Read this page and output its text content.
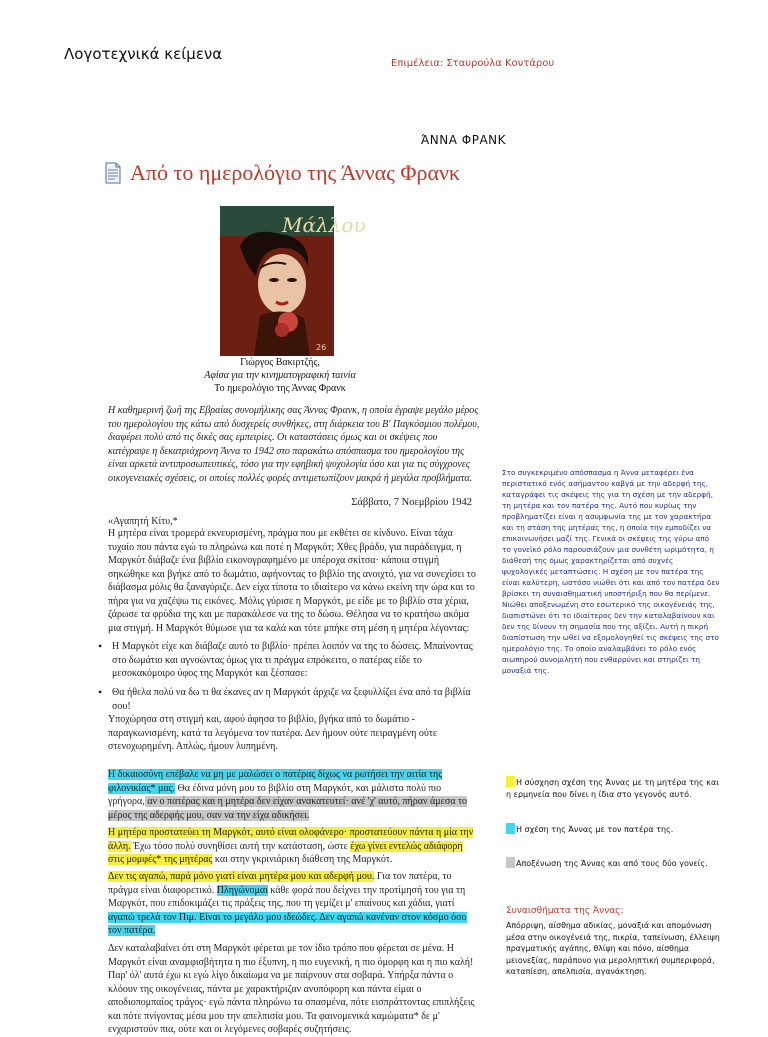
Λογοτεχνικά κείμενα
Επιμέλεια: Σταυρούλα Κοντάρου
ΆΝΝΑ ΦΡΑΝΚ
Από το ημερολόγιο της Άννας Φρανκ
Μάλλου
26
Γιώργος Βακιρτζής,
Αφίσα για την κινηματογραφική ταινία
Το ημερολόγιο της Άννας Φρανκ
Η καθημερινή ζωή της Εβραίας συνομήλικης σας Άννας Φρανκ, η οποία έγραψε μεγάλο μέρος του ημερολογίου της κάτω από δυσχερείς συνθήκες, στη διάρκεια του Β' Παγκόσμιου πολέμου, διαφέρει πολύ από τις δικές σας εμπειρίες. Οι καταστάσεις όμως και οι σκέψεις που κατέγραψε η δεκατριάχρονη Άννα το 1942 στο παρακάτω απόσπασμα του ημερολογίου της είναι αρκετά αντιπροσωπευτικές, τόσο για την εφηβική ψυχολογία όσο και για τις σύγχρονες οικογενειακές σχέσεις, οι οποίες πολλές φορές αντιμετωπίζουν μακρά ή μεγάλα προβλήματα.
Σάββατο, 7 Νοεμβρίου 1942
«Αγαπητή Κίτυ,*
Η μητέρα είναι τρομερά εκνευρισμένη, πράγμα που με εκθέτει σε κίνδυνο. Είναι τάχα τυχαίο που πάντα εγώ το πληρώνω και ποτέ η Μαργκότ; Χθες βράδυ, για παράδειγμα, η Μαργκότ διάβαζε ένα βιβλίο εικονογραφημένο με υπέροχα σκίτσα· κάποια στιγμή σηκώθηκε και βγήκε από το δωμάτιο, αφήνοντας το βιβλίο της ανοιχτό, για να συνεχίσει το διάβασμα μόλις θα ξαναγύριζε. Δεν είχα τίποτα το ιδιαίτερο να κάνω εκείνη την ώρα και το πήρα για να χαζέψω τις εικόνες. Μόλις γύρισε η Μαργκότ, με είδε με το βιβλίο στα χέρια, ζάρωσε τα φρύδια της και με παρακάλεσε να της το δώσω. Θέλησα να το κρατήσω ακόμα μια στιγμή. Η Μαργκότ θύμωσε για τα καλά και τότε μπήκε στη μέση η μητέρα λέγοντας:
• Η Μαργκότ είχε και διάβαζε αυτό το βιβλίο· πρέπει λοιπόν να της το δώσεις. Μπαίνοντας στο δωμάτιο και αγνοώντας όμως για τι πράγμα επρόκειτο, ο πατέρας είδε το μεσοκακόμοιρο ύφος της Μαργκότ και ξέσπασε:
• Θα ήθελα πολύ να δω τι θα έκανες αν η Μαργκότ άρχιζε να ξεφυλλίζει ένα από τα βιβλία σου!
Υποχώρησα στη στιγμή και, αφού άφησα το βιβλίο, βγήκα από το δωμάτιο - παραγκωνισμένη, κατά τα λεγόμενα τον πατέρα. Δεν ήμουν ούτε πειραγμένη ούτε στενοχωρημένη. Απλώς, ήμουν λυπημένη.
Η δικαιοσύνη επέβαλε να μη με μαλώσει ο πατέρας δίχως να ρωτήσει την αιτία της φιλονικίας* μας. Θα έδινα μόνη μου το βιβλίο στη Μαργκότ, και μάλιστα πολύ πιο γρήγορα, αν ο πατέρας και η μητέρα δεν είχαν ανακατευτεί· ανέ 'χ' αυτό, πήραν άμεσα το μέρος της αδερφής μου, σαν να την είχα αδικήσει.
Η μητέρα προστατεύει τη Μαργκότ, αυτό είναι ολοφάνερο· προστατεύουν πάντα η μία την άλλη. Έχω τόσο πολύ συνηθίσει αυτή την κατάσταση, ώστε έχω γίνει εντελώς αδιάφορη στις μομφές* της μητέρας και στην γκρινιάρικη διάθεση της Μαργκότ.
Δεν τις αγαπώ, παρά μόνο γιατί είναι μητέρα μου και αδερφή μου. Για τον πατέρα, το πράγμα είναι διαφορετικό. Πληγώνομαι κάθε φορά που δείχνει την προτίμησή του για τη Μαργκότ, που επιδοκιμάζει τις πράξεις της, που τη γεμίζει μ' επαίνους και χάδια, γιατί αγαπώ τρελά τον Πιμ. Είναι το μεγάλο μου ιδεώδες. Δεν αγαπώ κανέναν στον κόσμο όσο τον πατέρα.
Δεν καταλαβαίνει ότι στη Μαργκότ φέρεται με τον ίδιο τρόπο που φέρεται σε μένα. Η Μαργκότ είναι αναμφισβήτητα η πιο έξυπνη, η πιο ευγενική, η πιο όμορφη και η πιο καλή! Παρ' όλ' αυτά έχω κι εγώ λίγο δικαίωμα να με παίρνουν στα σοβαρά. Υπήρξα πάντα ο κλόουν της οικογένειας, πάντα με χαρακτήριζαν ανυπόφορη και πάντα είμαι ο αποδιοπομπαίος τράγος· εγώ πάντα πληρώνω τα σπασμένα, πότε εισπράττοντας επιπλήξεις και πότε πνίγοντας μέσα μου την απελπισία μου. Τα φαινομενικά καμώματα* δε μ' ενχαριστούν πια, ούτε και οι λεγόμενες σοβαρές συζητήσεις.
Στο συγκεκριμένο απόσπασμα η Άννα μεταφέρει ένα περιστατικό ενός ασήμαντου καβγά με την αδερφή της, καταγράφει τις σκέψεις της για τη σχέση με την αδερφή, τη μητέρα και τον πατέρα της. Αυτό που κυρίως την προβληματίζει είναι η ασυμφωνία της με τον χαρακτήρα και τη στάση της μητέρας της, η οποία την εμποδίζει να επικοινωνήσει μαζί της. Γενικά οι σκέψεις της γύρω από το γονεϊκό ρόλο παρουσιάζουν μια συνθέτη ωριμότητα, η διάθεσή της όμως χαρακτηρίζεται από συχνές ψυχολογικές μεταπτώσεις. Η σχέση με τον πατέρα της είναι καλύτερη, ωστόσο νιώθει ότι και από τον πατέρα δεν βρίσκει τη συναισθηματική υποστήριξη που θα περίμενε. Νιώθει αποξενωμένη στο εσωτερικό της οικογένειάς της, διαπιστώνει ότι το ιδιαίτερος δεν την καταλαβαίνουν και δεν της δίνουν τη σημασία που της αξίζει. Αυτή η πικρή διαπίστωση την ωθεί να εξομολογηθεί τις σκέψεις της στο ημερολόγιο της. Το οποίο αναλαμβάνει το ρόλο ενός σιωπηρού συνομιλητή που ενθαρρύνει και στηρίζει τη μοναξιά της.
Η σύσχηση σχέση της Άννας με τη μητέρα της και η ερμηνεία που δίνει η ίδια στο γεγονός αυτό.
Η σχέση της Άννας με τον πατέρα της.
Αποξένωση της Άννας και από τους δύο γονείς.
Συναισθήματα της Άννας:
Απόρριψη, αίσθημα αδικίας, μοναξιά και απομόνωση μέσα στην οικογένειά της, πικρία, ταπείνωση, έλλειψη πραγματικής αγάπης, θλίψη και πόνο, αίσθημα μειονεξίας, παράπονο για μεροληπτική συμπεριφορά, καταπίεση, απελπισία, αγανάκτηση.
